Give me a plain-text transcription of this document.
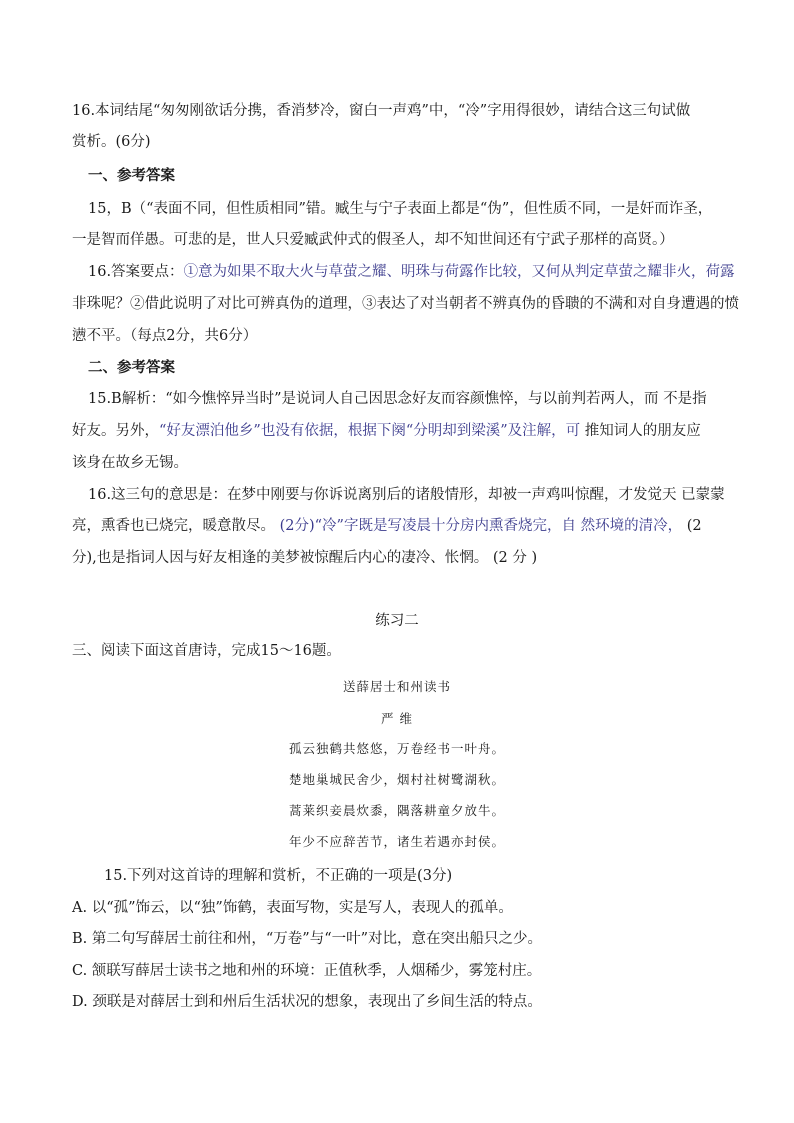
16.本词结尾“匆匆刚欲话分携，香消梦冷，窗白一声鸡”中，“冷”字用得很妙，请结合这三句试做
赏析。(6分)
一、参考答案
15，B（“表面不同，但性质相同”错。臧生与宁子表面上都是“伪”，但性质不同，一是奸而诈圣，
一是智而佯愚。可悲的是，世人只爱臧武仲式的假圣人，却不知世间还有宁武子那样的高贤。）
16.答案要点：①意为如果不取大火与草萤之耀、明珠与荷露作比较，又何从判定草萤之耀非火，荷露
非珠呢？②借此说明了对比可辨真伪的道理，③表达了对当朝者不辨真伪的昏聩的不满和对自身遭遇的愤
懑不平。（每点2分，共6分）
二、参考答案
15.B解析：“如今憔悴异当时”是说词人自己因思念好友而容颜憔悴，与以前判若两人，而 不是指
好友。另外，“好友漂泊他乡”也没有依据，根据下阕“分明却到梁溪”及注解，可 推知词人的朋友应
该身在故乡无锡。
16.这三句的意思是：在梦中刚要与你诉说离别后的诸般情形，却被一声鸡叫惊醒，才发觉天 已蒙蒙
亮，熏香也已烧完，暖意散尽。 (2分)“冷”字既是写凌晨十分房内熏香烧完，自 然环境的清冷， (2
分),也是指词人因与好友相逢的美梦被惊醒后内心的凄冷、怅惘。 (2 分 )
练习二
三、阅读下面这首唐诗，完成15～16题。
送薛居士和州读书
严 维
孤云独鹤共悠悠，万卷经书一叶舟。
楚地巢城民舍少，烟村社树鹭湖秋。
蒿莱织妾晨炊黍，隅落耕童夕放牛。
年少不应辞苦节，诸生若遇亦封侯。
15.下列对这首诗的理解和赏析，不正确的一项是(3分)
A. 以“孤”饰云，以“独”饰鹤，表面写物，实是写人，表现人的孤单。
B. 第二句写薛居士前往和州，“万卷”与“一叶”对比，意在突出船只之少。
C. 颔联写薛居士读书之地和州的环境：正值秋季，人烟稀少，雾笼村庄。
D. 颈联是对薛居士到和州后生活状况的想象，表现出了乡间生活的特点。
